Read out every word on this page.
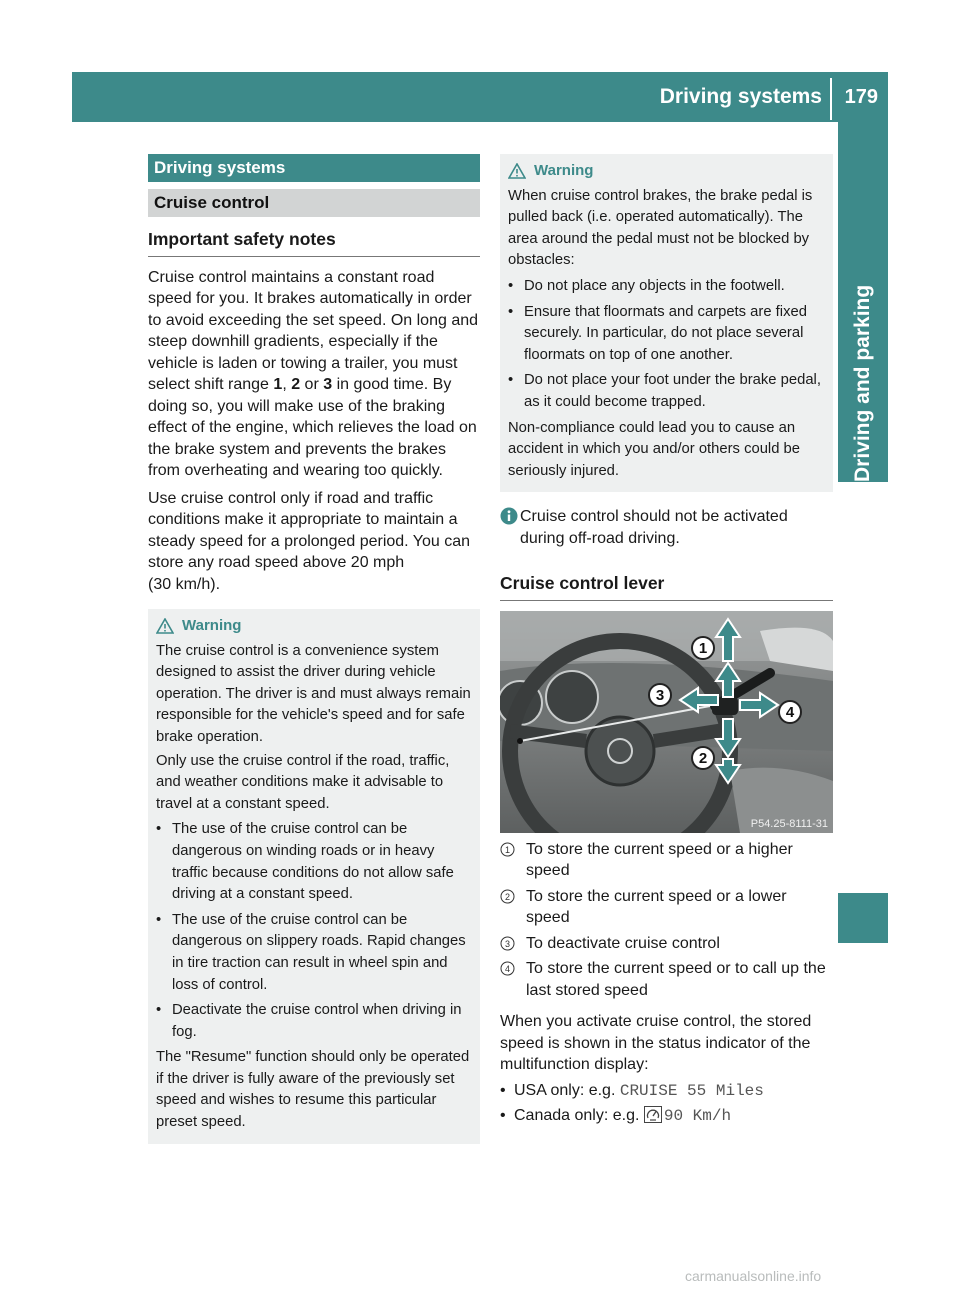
Driving systems 179
Driving and parking
Driving systems
Cruise control
Important safety notes
Cruise control maintains a constant road speed for you. It brakes automatically in order to avoid exceeding the set speed. On long and steep downhill gradients, especially if the vehicle is laden or towing a trailer, you must select shift range 1, 2 or 3 in good time. By doing so, you will make use of the braking effect of the engine, which relieves the load on the brake system and prevents the brakes from overheating and wearing too quickly.
Use cruise control only if road and traffic conditions make it appropriate to maintain a steady speed for a prolonged period. You can store any road speed above 20 mph
(30 km/h).
Warning
The cruise control is a convenience system designed to assist the driver during vehicle operation. The driver is and must always remain responsible for the vehicle's speed and for safe brake operation.
Only use the cruise control if the road, traffic, and weather conditions make it advisable to travel at a constant speed.
• The use of the cruise control can be dangerous on winding roads or in heavy traffic because conditions do not allow safe driving at a constant speed.
• The use of the cruise control can be dangerous on slippery roads. Rapid changes in tire traction can result in wheel spin and loss of control.
• Deactivate the cruise control when driving in fog.
The "Resume" function should only be operated if the driver is fully aware of the previously set speed and wishes to resume this particular preset speed.
Warning
When cruise control brakes, the brake pedal is pulled back (i.e. operated automatically). The area around the pedal must not be blocked by obstacles:
• Do not place any objects in the footwell.
• Ensure that floormats and carpets are fixed securely. In particular, do not place several floormats on top of one another.
• Do not place your foot under the brake pedal, as it could become trapped.
Non-compliance could lead you to cause an accident in which you and/or others could be seriously injured.
Cruise control should not be activated during off-road driving.
Cruise control lever
1
2
3
4
P54.25-8111-31
1 To store the current speed or a higher speed
2 To store the current speed or a lower speed
3 To deactivate cruise control
4 To store the current speed or to call up the last stored speed
When you activate cruise control, the stored speed is shown in the status indicator of the multifunction display:
• USA only: e.g. CRUISE 55 Miles
• Canada only: e.g. 90 Km/h
carmanualsonline.info
